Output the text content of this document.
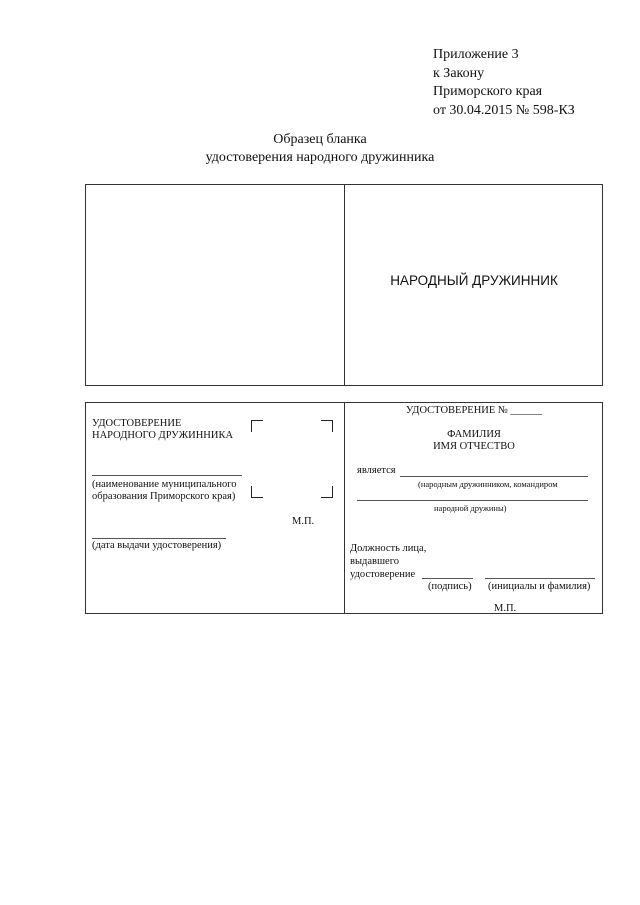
Приложение 3
к Закону
Приморского края
от 30.04.2015 № 598-КЗ
Образец бланка
удостоверения народного дружинника
НАРОДНЫЙ ДРУЖИННИК
УДОСТОВЕРЕНИЕ
НАРОДНОГО ДРУЖИННИКА
(наименование муниципального
образования Приморского края)
М.П.
(дата выдачи удостоверения)
УДОСТОВЕРЕНИЕ № ______
ФАМИЛИЯ
ИМЯ ОТЧЕСТВО
является
(народным дружинником, командиром
народной дружины)
Должность лица,
выдавшего
удостоверение
(подпись) (инициалы и фамилия)
М.П.
